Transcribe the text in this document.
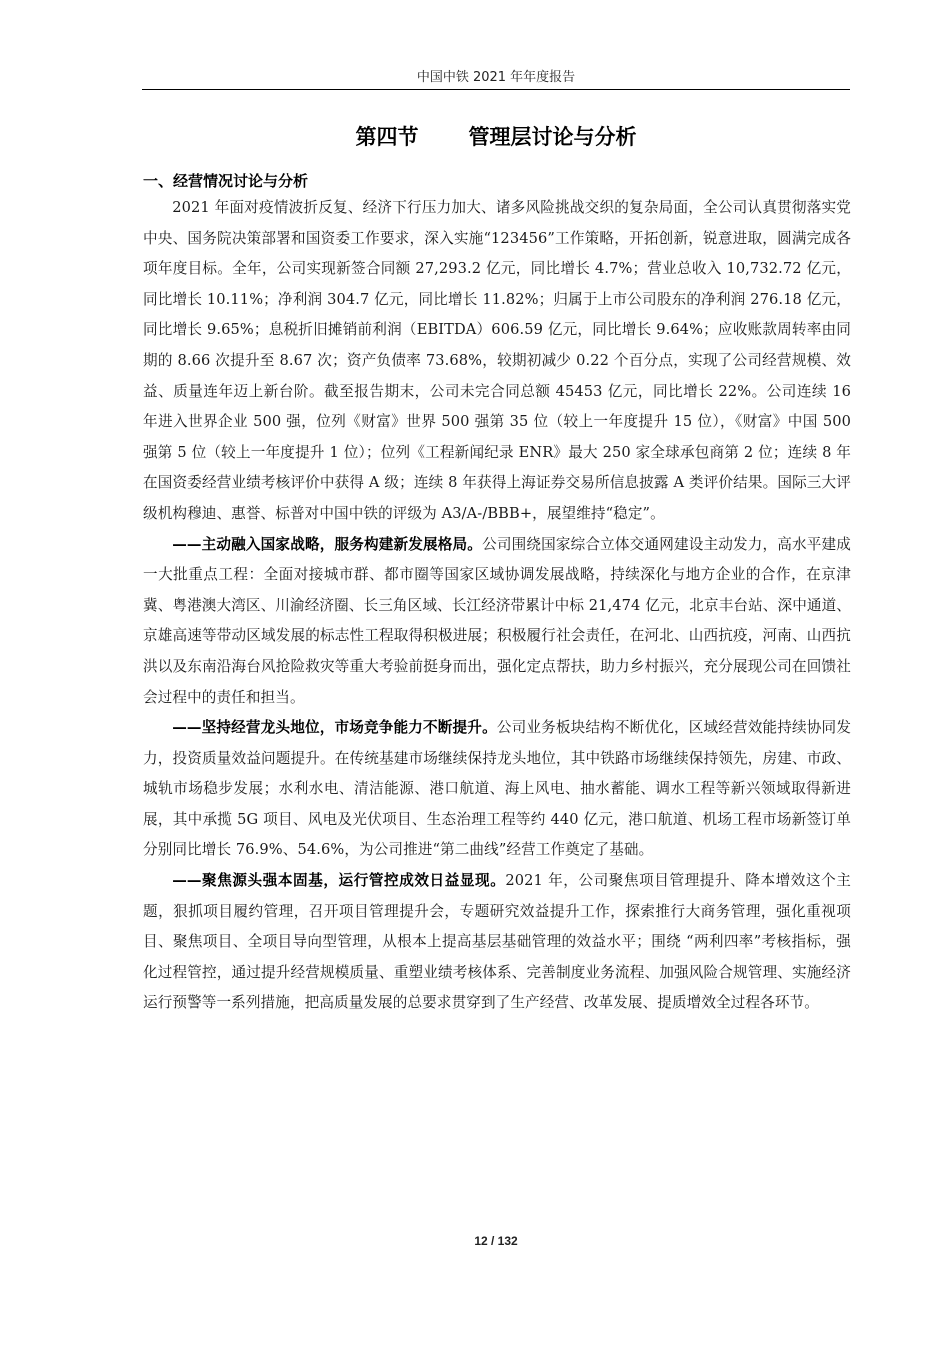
中国中铁 2021 年年度报告
第四节 管理层讨论与分析
一、经营情况讨论与分析

2021 年面对疫情波折反复、经济下行压力加大、诸多风险挑战交织的复杂局面，全公司认真贯彻落实党中央、国务院决策部署和国资委工作要求，深入实施“123456”工作策略，开拓创新，锐意进取，圆满完成各项年度目标。全年，公司实现新签合同额 27,293.2 亿元，同比增长 4.7%；营业总收入 10,732.72 亿元，同比增长 10.11%；净利润 304.7 亿元，同比增长 11.82%；归属于上市公司股东的净利润 276.18 亿元，同比增长 9.65%；息税折旧摊销前利润（EBITDA）606.59 亿元，同比增长 9.64%；应收账款周转率由同期的 8.66 次提升至 8.67 次；资产负债率 73.68%，较期初减少 0.22 个百分点，实现了公司经营规模、效益、质量连年迈上新台阶。截至报告期末，公司未完合同总额 45453 亿元，同比增长 22%。公司连续 16 年进入世界企业 500 强，位列《财富》世界 500 强第 35 位（较上一年度提升 15 位），《财富》中国 500 强第 5 位（较上一年度提升 1 位）；位列《工程新闻纪录 ENR》最大 250 家全球承包商第 2 位；连续 8 年在国资委经营业绩考核评价中获得 A 级；连续 8 年获得上海证券交易所信息披露 A 类评价结果。国际三大评级机构穆迪、惠誉、标普对中国中铁的评级为 A3/A-/BBB+，展望维持“稳定”。

——主动融入国家战略，服务构建新发展格局。公司围绕国家综合立体交通网建设主动发力，高水平建成一大批重点工程：全面对接城市群、都市圈等国家区域协调发展战略，持续深化与地方企业的合作，在京津冀、粤港澳大湾区、川渝经济圈、长三角区域、长江经济带累计中标 21,474 亿元，北京丰台站、深中通道、京雄高速等带动区域发展的标志性工程取得积极进展；积极履行社会责任，在河北、山西抗疫，河南、山西抗洪以及东南沿海台风抢险救灾等重大考验前挺身而出，强化定点帮扶，助力乡村振兴，充分展现公司在回馈社会过程中的责任和担当。

——坚持经营龙头地位，市场竞争能力不断提升。公司业务板块结构不断优化，区域经营效能持续协同发力，投资质量效益问题提升。在传统基建市场继续保持龙头地位，其中铁路市场继续保持领先，房建、市政、城轨市场稳步发展；水利水电、清洁能源、港口航道、海上风电、抽水蓄能、调水工程等新兴领域取得新进展，其中承揽 5G 项目、风电及光伏项目、生态治理工程等约 440 亿元，港口航道、机场工程市场新签订单分别同比增长 76.9%、54.6%，为公司推进“第二曲线”经营工作奠定了基础。

——聚焦源头强本固基，运行管控成效日益显现。2021 年，公司聚焦项目管理提升、降本增效这个主题，狠抓项目履约管理，召开项目管理提升会，专题研究效益提升工作，探索推行大商务管理，强化重视项目、聚焦项目、全项目导向型管理，从根本上提高基层基础管理的效益水平；围绕 “两利四率”考核指标，强化过程管控，通过提升经营规模质量、重塑业绩考核体系、完善制度业务流程、加强风险合规管理、实施经济运行预警等一系列措施，把高质量发展的总要求贯穿到了生产经营、改革发展、提质增效全过程各环节。

12 / 132
